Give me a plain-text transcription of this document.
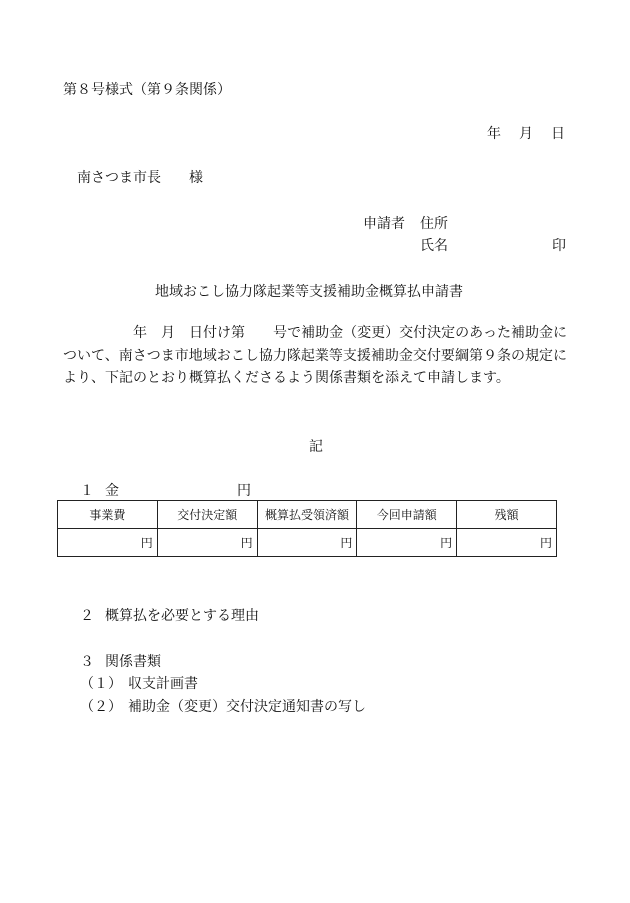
第８号様式（第９条関係）
年　月　日
南さつま市長　　様
申請者 住所
氏名	印
地域おこし協力隊起業等支援補助金概算払申請書
　　　　　年　月　日付け第　　号で補助金（変更）交付決定のあった補助金について、南さつま市地域おこし協力隊起業等支援補助金交付要綱第９条の規定により、下記のとおり概算払くださるよう関係書類を添えて申請します。
記
１ 金	円
事業費	交付決定額	概算払受領済額	今回申請額	残額
円	円	円	円	円
２ 概算払を必要とする理由
３ 関係書類
（１） 収支計画書
（２） 補助金（変更）交付決定通知書の写し
